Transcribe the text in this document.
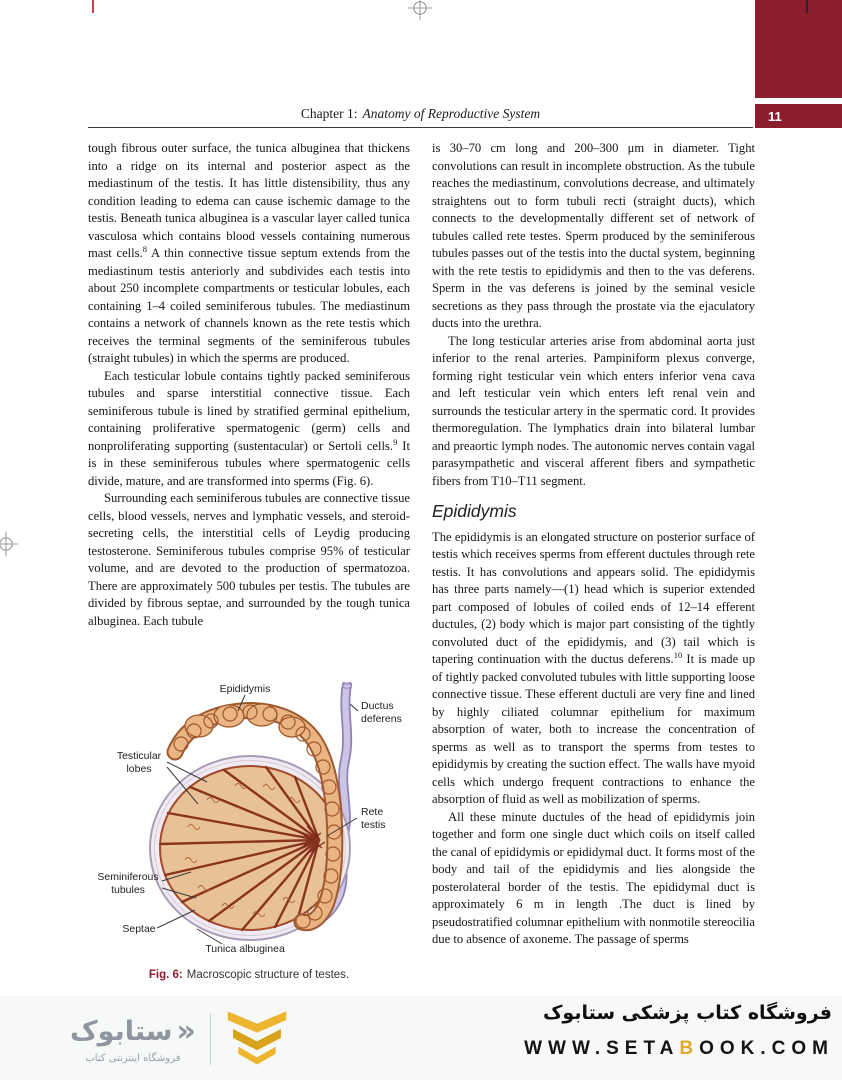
11
Chapter 1: Anatomy of Reproductive System

tough fibrous outer surface, the tunica albuginea that thickens into a ridge on its internal and posterior aspect as the mediastinum of the testis. It has little distensibility, thus any condition leading to edema can cause ischemic damage to the testis. Beneath tunica albuginea is a vascular layer called tunica vasculosa which contains blood vessels containing numerous mast cells.$^8$ A thin connective tissue septum extends from the mediastinum testis anteriorly and subdivides each testis into about 250 incomplete compartments or testicular lobules, each containing 1–4 coiled seminiferous tubules. The mediastinum contains a network of channels known as the rete testis which receives the terminal segments of the seminiferous tubules (straight tubules) in which the sperms are produced.

Each testicular lobule contains tightly packed seminiferous tubules and sparse interstitial connective tissue. Each seminiferous tubule is lined by stratified germinal epithelium, containing proliferative spermatogenic (germ) cells and nonproliferating supporting (sustentacular) or Sertoli cells.$^9$ It is in these seminiferous tubules where spermatogenic cells divide, mature, and are transformed into sperms (Fig. 6).

Surrounding each seminiferous tubules are connective tissue cells, blood vessels, nerves and lymphatic vessels, and steroid-secreting cells, the interstitial cells of Leydig producing testosterone. Seminiferous tubules comprise 95% of testicular volume, and are devoted to the production of spermatozoa. There are approximately 500 tubules per testis. The tubules are divided by fibrous septae, and surrounded by the tough tunica albuginea. Each tubule

is 30–70 cm long and 200–300 μm in diameter. Tight convolutions can result in incomplete obstruction. As the tubule reaches the mediastinum, convolutions decrease, and ultimately straightens out to form tubuli recti (straight ducts), which connects to the developmentally different set of network of tubules called rete testes. Sperm produced by the seminiferous tubules passes out of the testis into the ductal system, beginning with the rete testis to epididymis and then to the vas deferens. Sperm in the vas deferens is joined by the seminal vesicle secretions as they pass through the prostate via the ejaculatory ducts into the urethra.

The long testicular arteries arise from abdominal aorta just inferior to the renal arteries. Pampiniform plexus converge, forming right testicular vein which enters inferior vena cava and left testicular vein which enters left renal vein and surrounds the testicular artery in the spermatic cord. It provides thermoregulation. The lymphatics drain into bilateral lumbar and preaortic lymph nodes. The autonomic nerves contain vagal parasympathetic and visceral afferent fibers and sympathetic fibers from T10–T11 segment.

Epididymis

The epididymis is an elongated structure on posterior surface of testis which receives sperms from efferent ductules through rete testis. It has convolutions and appears solid. The epididymis has three parts namely—(1) head which is superior extended part composed of lobules of coiled ends of 12–14 efferent ductules, (2) body which is major part consisting of the tightly convoluted duct of the epididymis, and (3) tail which is tapering continuation with the ductus deferens.$^{10}$ It is made up of tightly packed convoluted tubules with little supporting loose connective tissue. These efferent ductuli are very fine and lined by highly ciliated columnar epithelium for maximum absorption of water, both to increase the concentration of sperms as well as to transport the sperms from testes to epididymis by creating the suction effect. The walls have myoid cells which undergo frequent contractions to enhance the absorption of fluid as well as mobilization of sperms.

All these minute ductules of the head of epididymis join together and form one single duct which coils on itself called the canal of epididymis or epididymal duct. It forms most of the body and tail of the epididymis and lies alongside the posterolateral border of the testis. The epididymal duct is approximately 6 m in length .The duct is lined by pseudostratified columnar epithelium with nonmotile stereocilia due to absence of axoneme. The passage of sperms

Epididymis
Ductus
deferens
Testicular
lobes
Rete
testis
Seminiferous
tubules
Septae
Tunica albuginea
Fig. 6: Macroscopic structure of testes.
فروشگاه کتاب پزشکی ستابوک
WWW.SETABOOK.COM
«
ستابوک
فروشگاه اینترنتی کتاب
